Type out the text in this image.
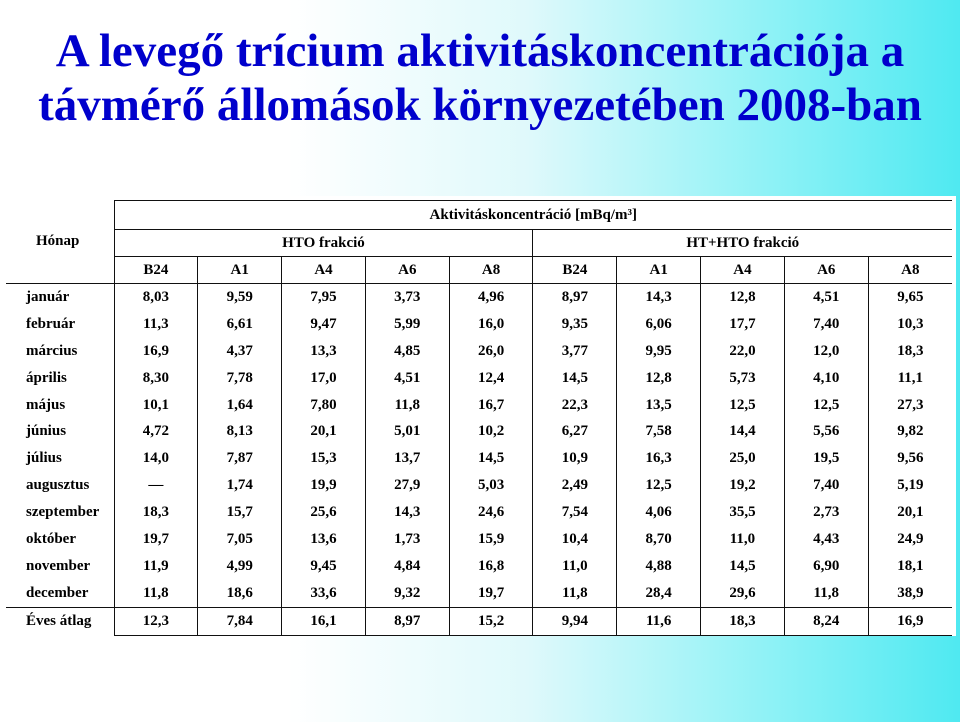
A levegő trícium aktivitáskoncentrációja a
távmérő állomások környezetében 2008-ban
Hónap	Aktivitáskoncentráció [mBq/m³]									
	HTO frakció					HT+HTO frakció				
	B24	A1	A4	A6	A8	B24	A1	A4	A6	A8
január	8,03	9,59	7,95	3,73	4,96	8,97	14,3	12,8	4,51	9,65
február	11,3	6,61	9,47	5,99	16,0	9,35	6,06	17,7	7,40	10,3
március	16,9	4,37	13,3	4,85	26,0	3,77	9,95	22,0	12,0	18,3
április	8,30	7,78	17,0	4,51	12,4	14,5	12,8	5,73	4,10	11,1
május	10,1	1,64	7,80	11,8	16,7	22,3	13,5	12,5	12,5	27,3
június	4,72	8,13	20,1	5,01	10,2	6,27	7,58	14,4	5,56	9,82
július	14,0	7,87	15,3	13,7	14,5	10,9	16,3	25,0	19,5	9,56
augusztus	—	1,74	19,9	27,9	5,03	2,49	12,5	19,2	7,40	5,19
szeptember	18,3	15,7	25,6	14,3	24,6	7,54	4,06	35,5	2,73	20,1
október	19,7	7,05	13,6	1,73	15,9	10,4	8,70	11,0	4,43	24,9
november	11,9	4,99	9,45	4,84	16,8	11,0	4,88	14,5	6,90	18,1
december	11,8	18,6	33,6	9,32	19,7	11,8	28,4	29,6	11,8	38,9
Éves átlag	12,3	7,84	16,1	8,97	15,2	9,94	11,6	18,3	8,24	16,9
